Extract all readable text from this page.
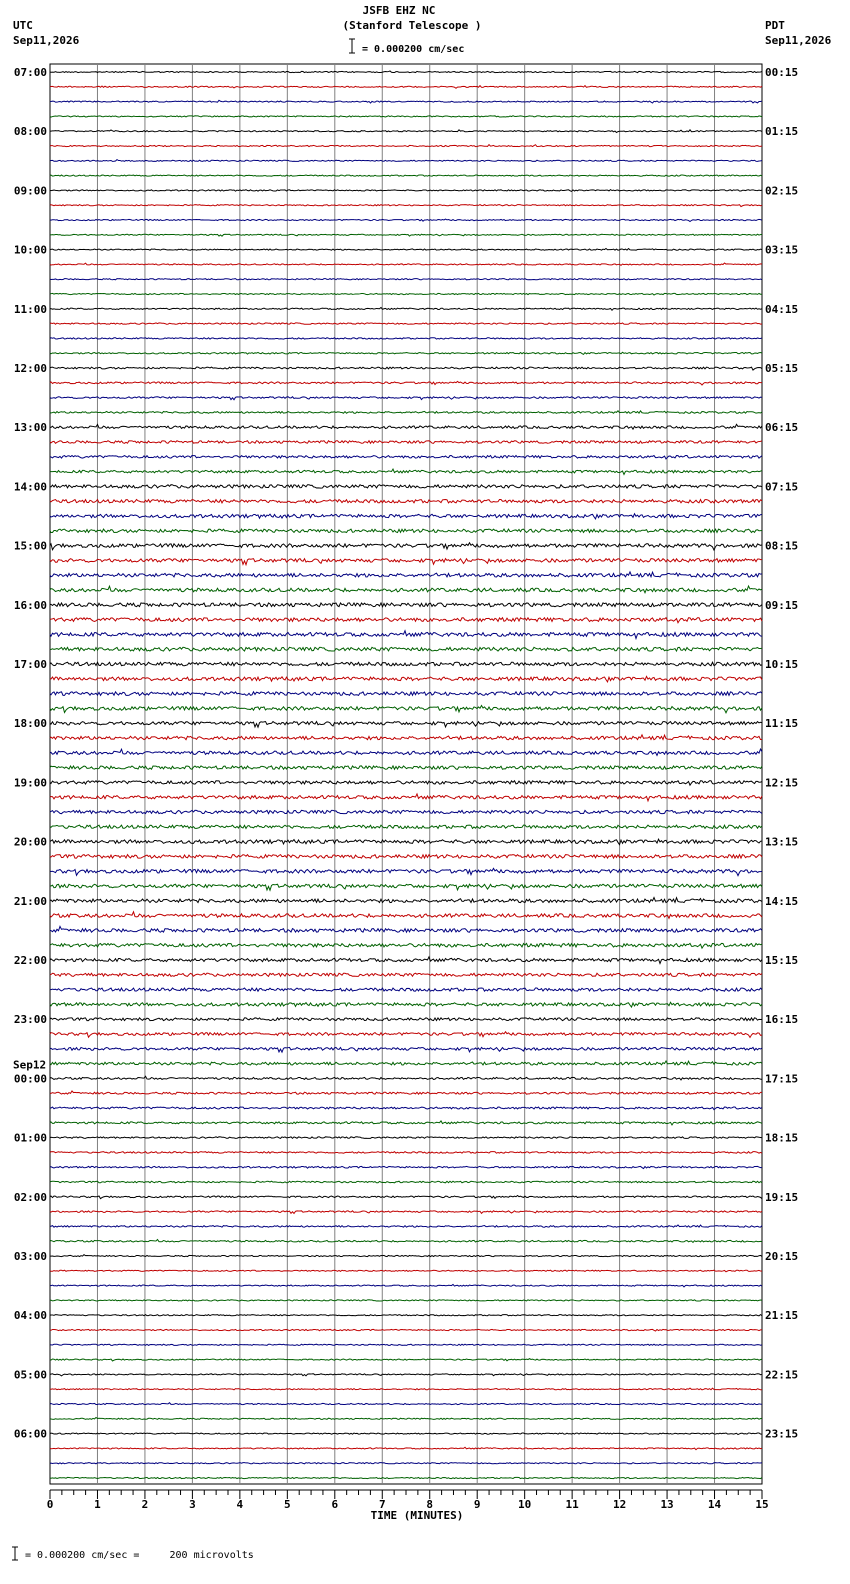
07:00
08:00
09:00
10:00
11:00
12:00
13:00
14:00
15:00
16:00
17:00
18:00
19:00
20:00
21:00
22:00
23:00
00:00
Sep12
01:00
02:00
03:00
04:00
05:00
06:00
00:15
01:15
02:15
03:15
04:15
05:15
06:15
07:15
08:15
09:15
10:15
11:15
12:15
13:15
14:15
15:15
16:15
17:15
18:15
19:15
20:15
21:15
22:15
23:15
0	1	2	3	4	5	6	7	8	9	10	11	12	13	14	15
JSFB EHZ NC
(Stanford Telescope )
UTC
Sep11,2026
PDT
Sep11,2026
= 0.000200 cm/sec
= 0.000200 cm/sec =     200 microvolts
TIME (MINUTES)
